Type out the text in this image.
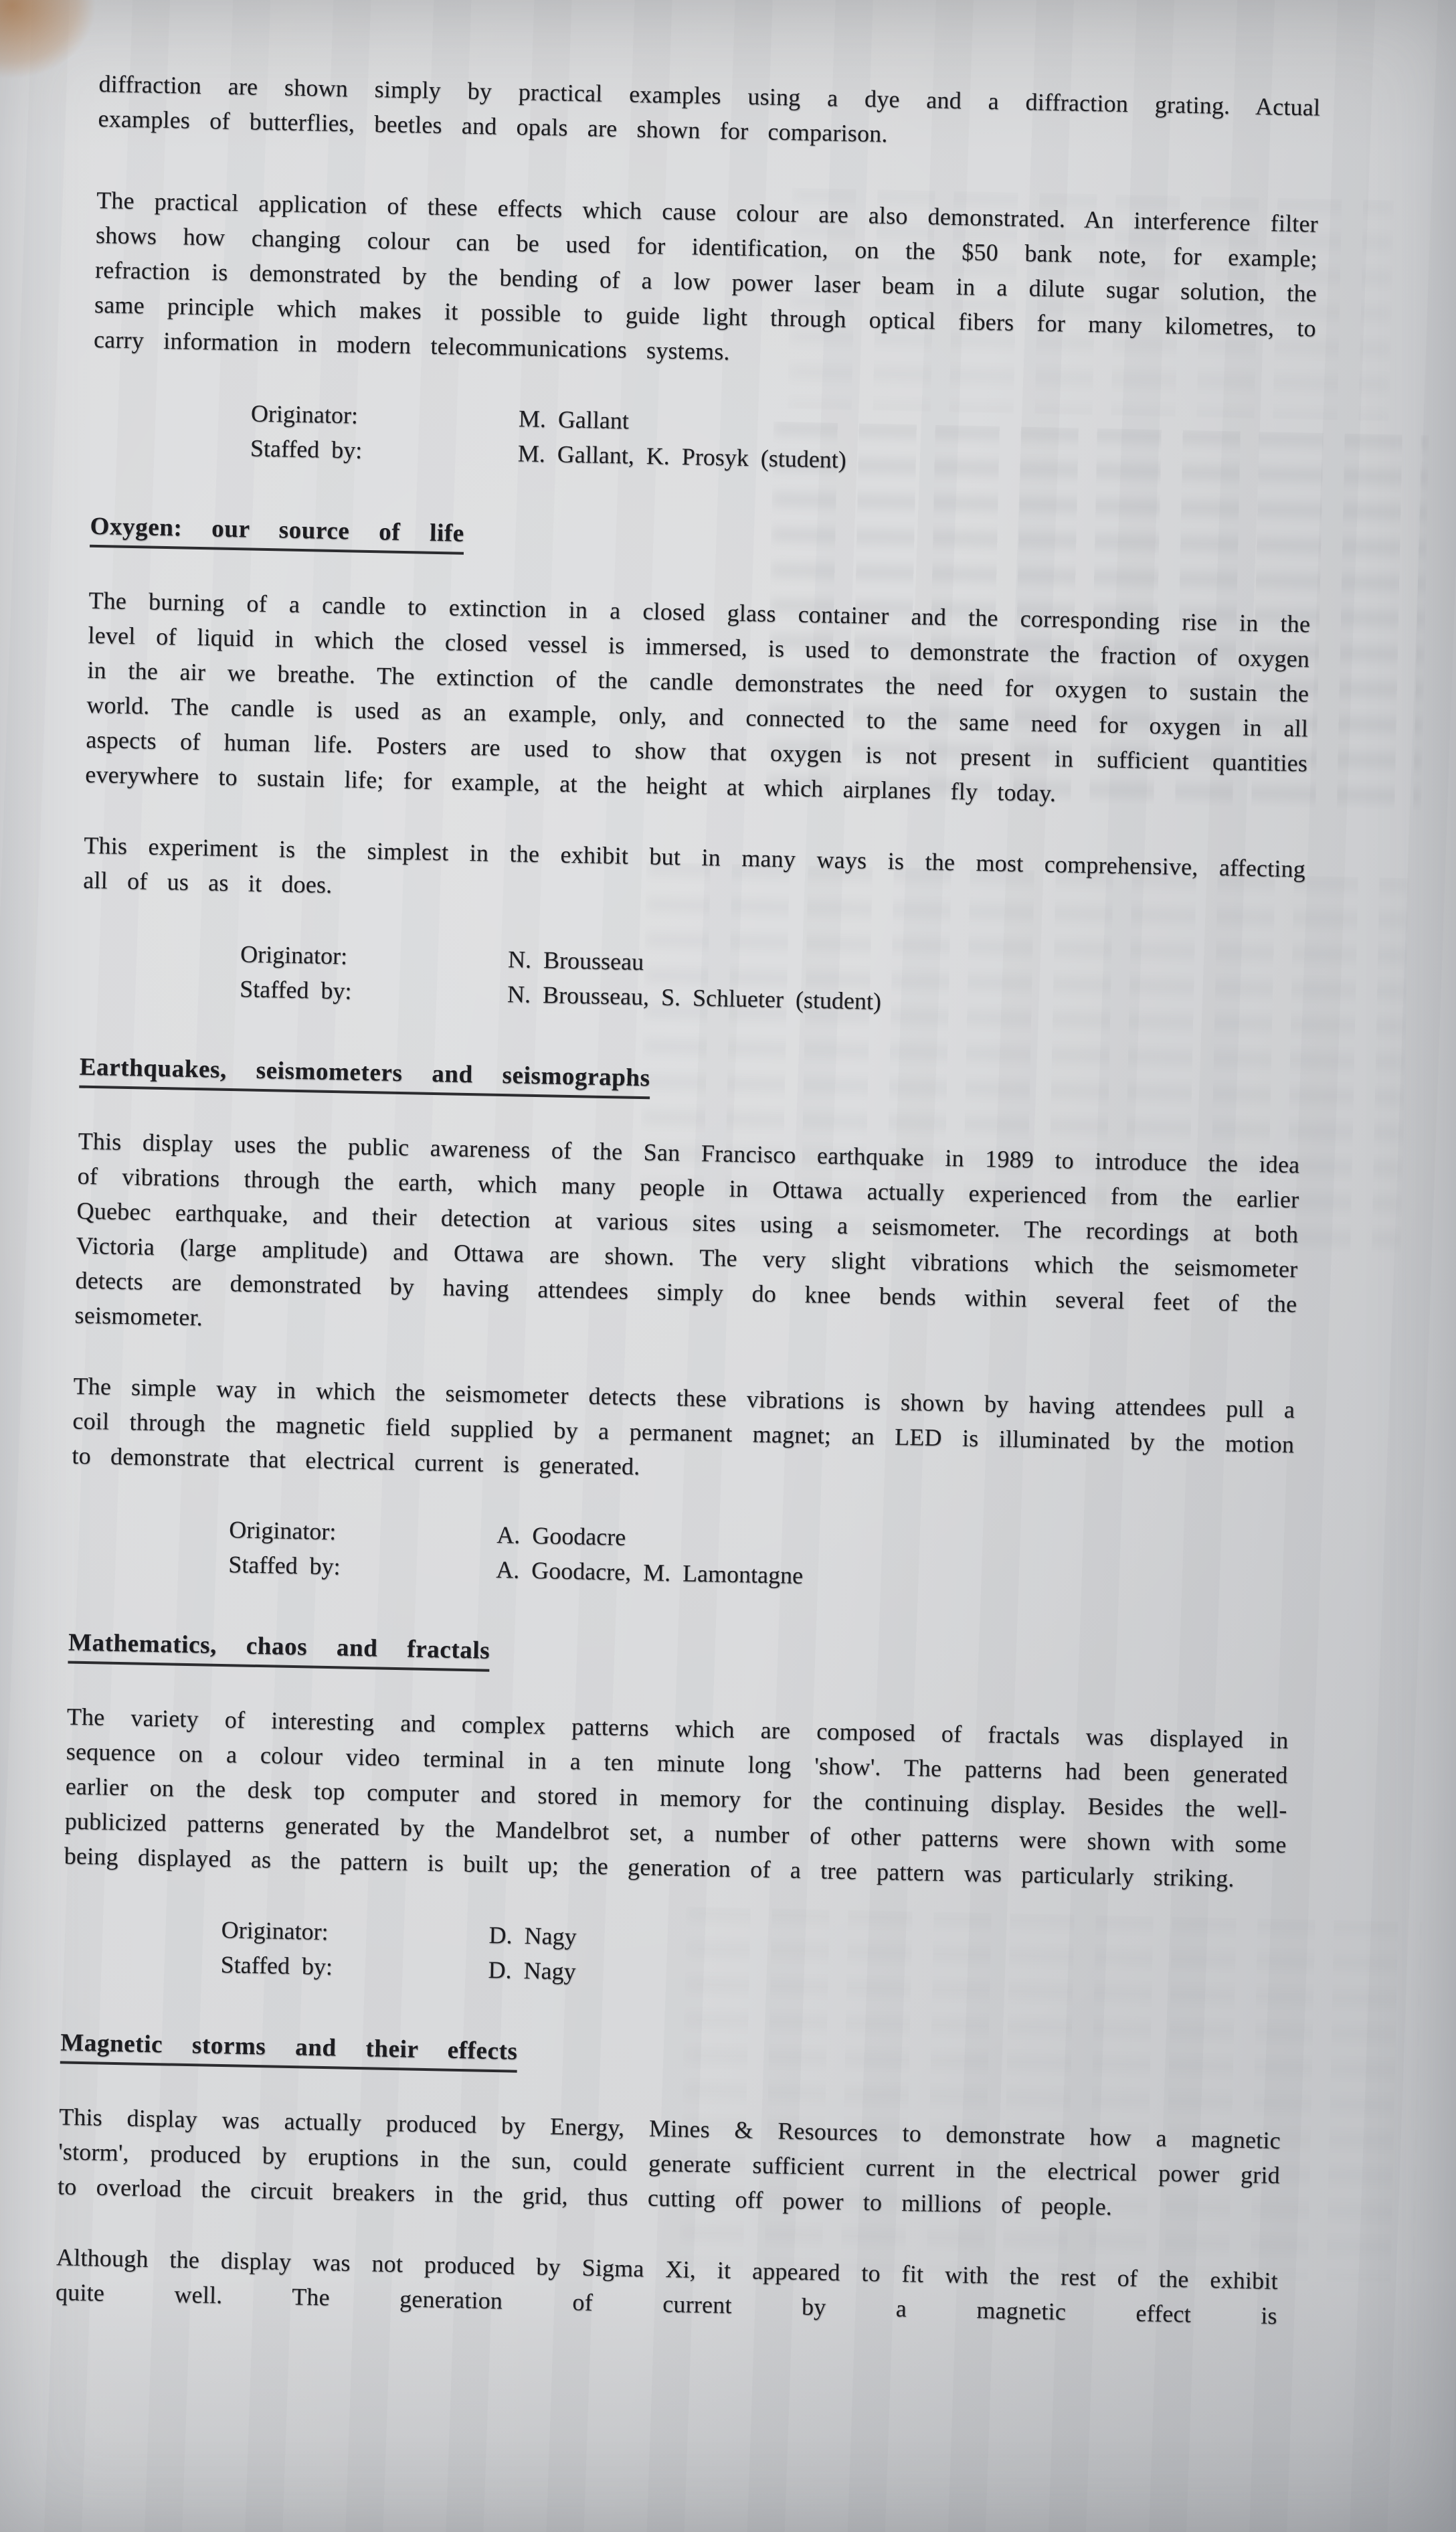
diffraction are shown simply by practical examples using a dye and a diffraction grating. Actual examples of butterflies, beetles and opals are shown for comparison.

The practical application of these effects which cause colour are also demonstrated. An interference filter shows how changing colour can be used for identification, on the $50 bank note, for example; refraction is demonstrated by the bending of a low power laser beam in a dilute sugar solution, the same principle which makes it possible to guide light through optical fibers for many kilometres, to carry information in modern telecommunications systems.

Originator:	M. Gallant
Staffed by:	M. Gallant, K. Prosyk (student)
Oxygen: our source of life

The burning of a candle to extinction in a closed glass container and the corresponding rise in the level of liquid in which the closed vessel is immersed, is used to demonstrate the fraction of oxygen in the air we breathe. The extinction of the candle demonstrates the need for oxygen to sustain the world. The candle is used as an example, only, and connected to the same need for oxygen in all aspects of human life. Posters are used to show that oxygen is not present in sufficient quantities everywhere to sustain life; for example, at the height at which airplanes fly today.

This experiment is the simplest in the exhibit but in many ways is the most comprehensive, affecting all of us as it does.

Originator:	N. Brousseau
Staffed by:	N. Brousseau, S. Schlueter (student)
Earthquakes, seismometers and seismographs

This display uses the public awareness of the San Francisco earthquake in 1989 to introduce the idea of vibrations through the earth, which many people in Ottawa actually experienced from the earlier Quebec earthquake, and their detection at various sites using a seismometer. The recordings at both Victoria (large amplitude) and Ottawa are shown. The very slight vibrations which the seismometer detects are demonstrated by having attendees simply do knee bends within several feet of the seismometer.

The simple way in which the seismometer detects these vibrations is shown by having attendees pull a coil through the magnetic field supplied by a permanent magnet; an LED is illuminated by the motion to demonstrate that electrical current is generated.

Originator:	A. Goodacre
Staffed by:	A. Goodacre, M. Lamontagne
Mathematics, chaos and fractals

The variety of interesting and complex patterns which are composed of fractals was displayed in sequence on a colour video terminal in a ten minute long 'show'. The patterns had been generated earlier on the desk top computer and stored in memory for the continuing display. Besides the well-publicized patterns generated by the Mandelbrot set, a number of other patterns were shown with some being displayed as the pattern is built up; the generation of a tree pattern was particularly striking.

Originator:	D. Nagy
Staffed by:	D. Nagy
Magnetic storms and their effects

This display was actually produced by Energy, Mines & Resources to demonstrate how a magnetic 'storm', produced by eruptions in the sun, could generate sufficient current in the electrical power grid to overload the circuit breakers in the grid, thus cutting off power to millions of people.

Although the display was not produced by Sigma Xi, it appeared to fit with the rest of the exhibit quite well. The generation of current by a magnetic effect is
